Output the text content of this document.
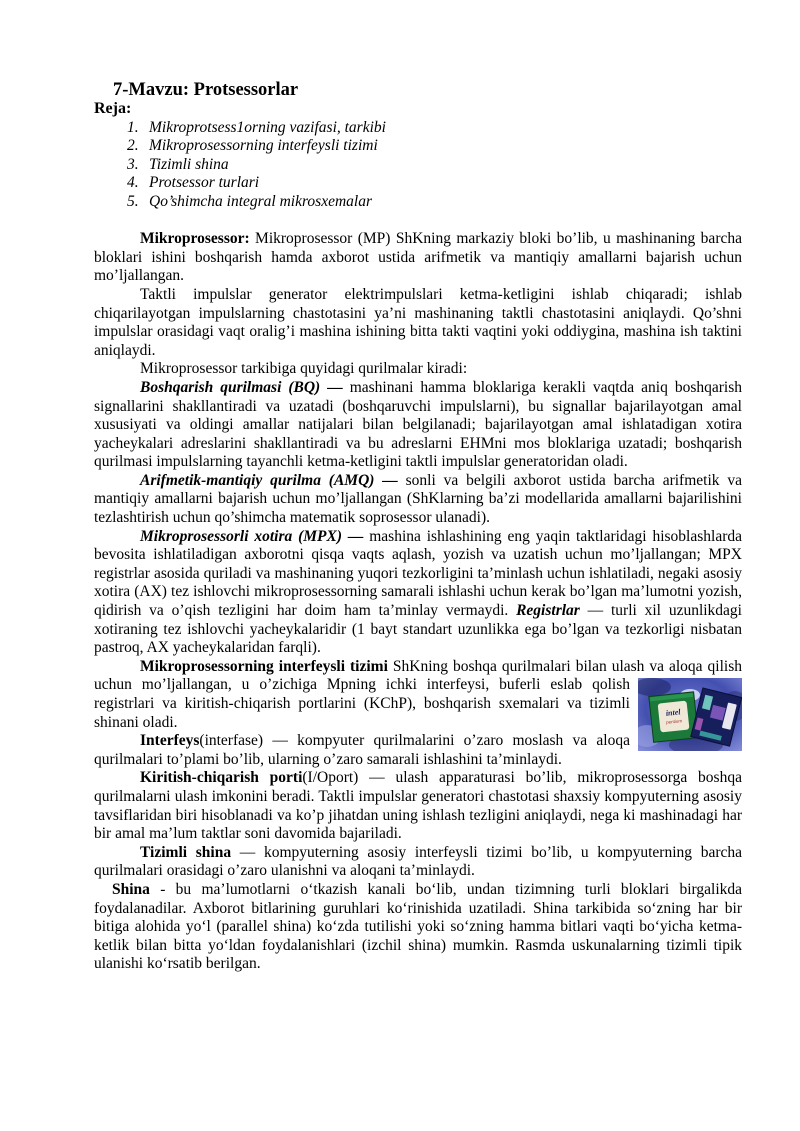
7-Mavzu: Protsessorlar
Reja:
1. Mikroprotsess1orning vazifasi, tarkibi
2. Mikroprosessorning interfeysli tizimi
3. Tizimli shina
4. Protsessor turlari
5. Qo’shimcha integral mikrosxemalar

Mikroprosessor: Mikroprosessor (MP) ShKning markaziy bloki bo’lib, u mashinaning barcha bloklari ishini boshqarish hamda axborot ustida arifmetik va mantiqiy amallarni bajarish uchun mo’ljallangan.

Taktli impulslar generator elektrimpulslari ketma-ketligini ishlab chiqaradi; ishlab chiqarilayotgan impulslarning chastotasini ya’ni mashinaning taktli chastotasini aniqlaydi. Qo’shni impulslar orasidagi vaqt oralig’i mashina ishining bitta takti vaqtini yoki oddiygina, mashina ish taktini aniqlaydi.

Mikroprosessor tarkibiga quyidagi qurilmalar kiradi:

Boshqarish qurilmasi (BQ) — mashinani hamma bloklariga kerakli vaqtda aniq boshqarish signallarini shakllantiradi va uzatadi (boshqaruvchi impulslarni), bu signallar bajarilayotgan amal xususiyati va oldingi amallar natijalari bilan belgilanadi; bajarilayotgan amal ishlatadigan xotira yacheykalari adreslarini shakllantiradi va bu adreslarni EHMni mos bloklariga uzatadi; boshqarish qurilmasi impulslarning tayanchli ketma-ketligini taktli impulslar generatoridan oladi.

Arifmetik-mantiqiy qurilma (AMQ) — sonli va belgili axborot ustida barcha arifmetik va mantiqiy amallarni bajarish uchun mo’ljallangan (ShKlarning ba’zi modellarida amallarni bajarilishini tezlashtirish uchun qo’shimcha matematik soprosessor ulanadi).

Mikroprosessorli xotira (MPX) — mashina ishlashining eng yaqin taktlaridagi hisoblashlarda bevosita ishlatiladigan axborotni qisqa vaqts aqlash, yozish va uzatish uchun mo’ljallangan; MPX registrlar asosida quriladi va mashinaning yuqori tezkorligini ta’minlash uchun ishlatiladi, negaki asosiy xotira (AX) tez ishlovchi mikroprosessorning samarali ishlashi uchun kerak bo’lgan ma’lumotni yozish, qidirish va o’qish tezligini har doim ham ta’minlay vermaydi. Registrlar — turli xil uzunlikdagi xotiraning tez ishlovchi yacheykalaridir (1 bayt standart uzunlikka ega bo’lgan va tezkorligi nisbatan pastroq, AX yacheykalaridan farqli).

intel
pentium
Mikroprosessorning interfeysli tizimi ShKning boshqa qurilmalari bilan ulash va aloqa qilish uchun mo’ljallangan, u o’zichiga Mpning ichki interfeysi, buferli eslab qolish registrlari va kiritish-chiqarish portlarini (KChP), boshqarish sxemalari va tizimli shinani oladi.

Interfeys(interfase) — kompyuter qurilmalarini o’zaro moslash va aloqa qurilmalari to’plami bo’lib, ularning o’zaro samarali ishlashini ta’minlaydi.

Kiritish-chiqarish porti(I/Oport) — ulash apparaturasi bo’lib, mikroprosessorga boshqa qurilmalarni ulash imkonini beradi. Taktli impulslar generatori chastotasi shaxsiy kompyuterning asosiy tavsiflaridan biri hisoblanadi va ko’p jihatdan uning ishlash tezligini aniqlaydi, nega ki mashinadagi har bir amal ma’lum taktlar soni davomida bajariladi.

Tizimli shina — kompyuterning asosiy interfeysli tizimi bo’lib, u kompyuterning barcha qurilmalari orasidagi o’zaro ulanishni va aloqani ta’minlaydi.

Shina - bu ma’lumotlarni oʻtkazish kanali boʻlib, undan tizimning turli bloklari birgalikda foydalanadilar. Axborot bitlarining guruhlari koʻrinishida uzatiladi. Shina tarkibida soʻzning har bir bitiga alohida yoʻl (parallel shina) koʻzda tutilishi yoki soʻzning hamma bitlari vaqti boʻyicha ketma-ketlik bilan bitta yoʻldan foydalanishlari (izchil shina) mumkin. Rasmda uskunalarning tizimli tipik ulanishi koʻrsatib berilgan.
